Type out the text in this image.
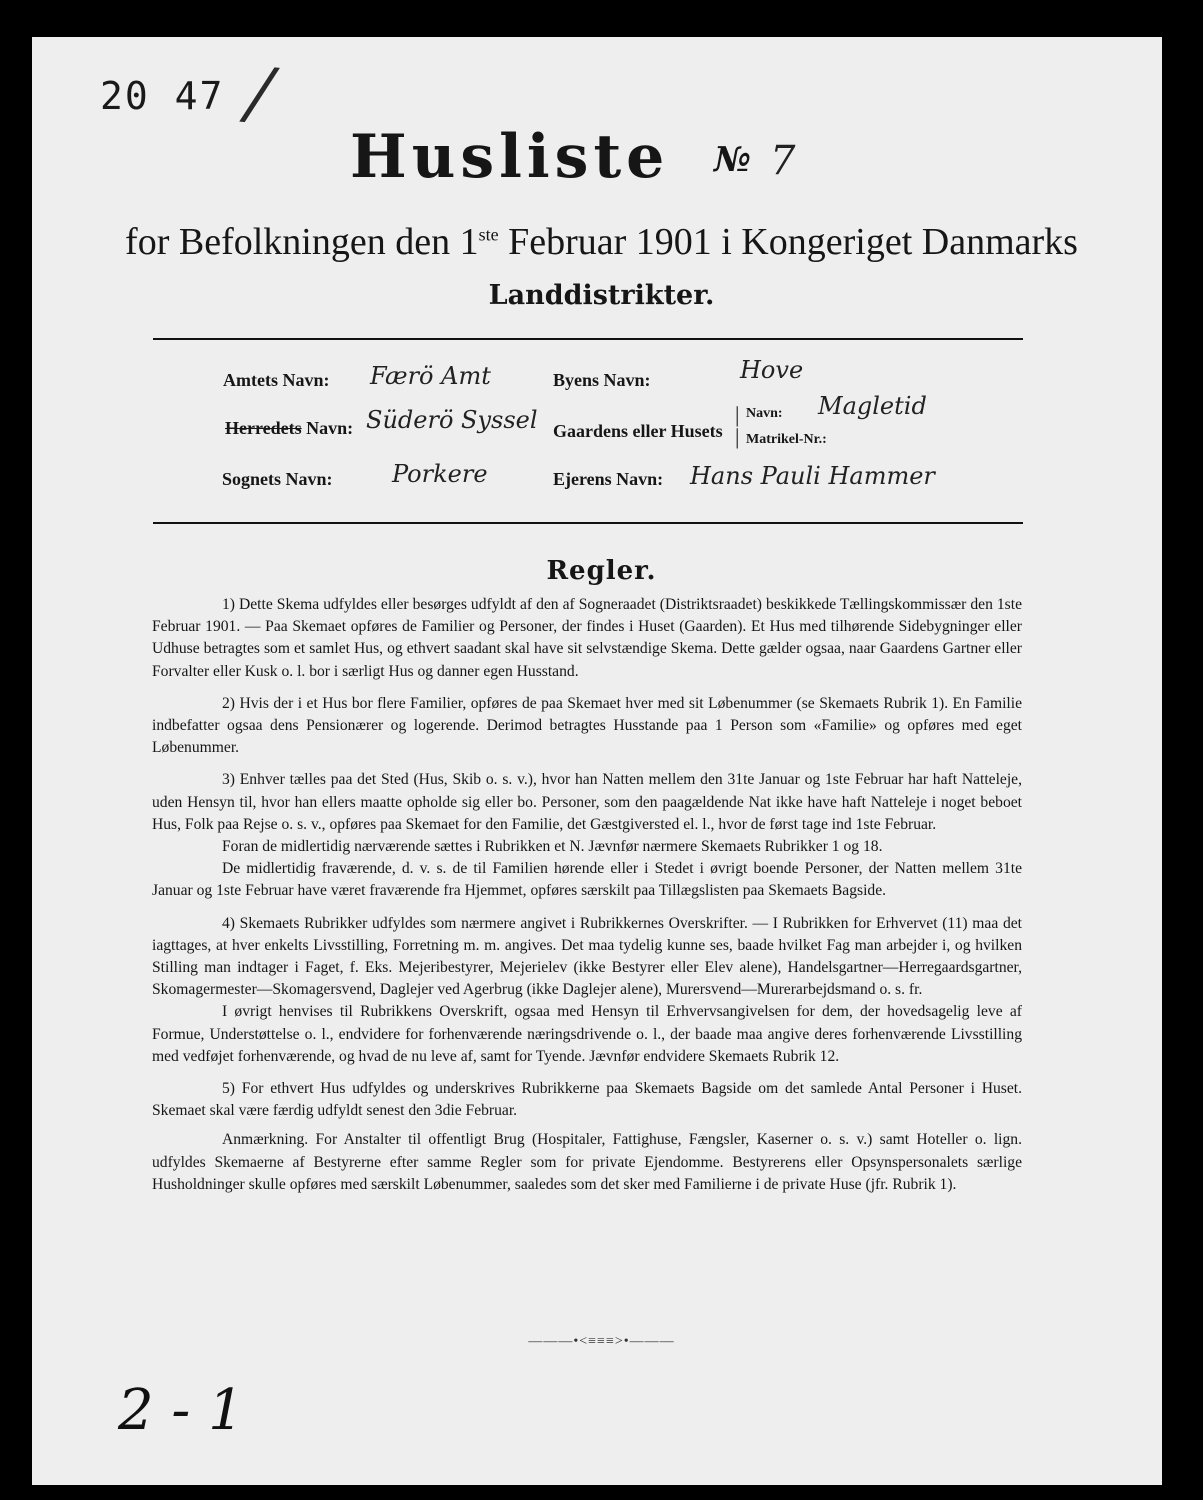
20 47 /
Husliste № 7
for Befolkningen den 1ste Februar 1901 i Kongeriget Danmarks
Landdistrikter.
Amtets Navn: Færö Amt
Herredets Navn: Süderö Syssel
Sognets Navn: Porkere
Byens Navn:	Hove
Gaardens eller Husets
|
|
Navn: Magletid
Matrikel-Nr.:
Ejerens Navn: Hans Pauli Hammer
Regler.

1) Dette Skema udfyldes eller besørges udfyldt af den af Sogneraadet (Distriktsraadet) beskikkede Tællingskommissær den 1ste Februar 1901. — Paa Skemaet opføres de Familier og Personer, der findes i Huset (Gaarden). Et Hus med tilhørende Sidebygninger eller Udhuse betragtes som et samlet Hus, og ethvert saadant skal have sit selvstændige Skema. Dette gælder ogsaa, naar Gaardens Gartner eller Forvalter eller Kusk o. l. bor i særligt Hus og danner egen Husstand.

2) Hvis der i et Hus bor flere Familier, opføres de paa Skemaet hver med sit Løbenummer (se Skemaets Rubrik 1). En Familie indbefatter ogsaa dens Pensionærer og logerende. Derimod betragtes Husstande paa 1 Person som «Familie» og opføres med eget Løbenummer.

3) Enhver tælles paa det Sted (Hus, Skib o. s. v.), hvor han Natten mellem den 31te Januar og 1ste Februar har haft Natteleje, uden Hensyn til, hvor han ellers maatte opholde sig eller bo. Personer, som den paagældende Nat ikke have haft Natteleje i noget beboet Hus, Folk paa Rejse o. s. v., opføres paa Skemaet for den Familie, det Gæstgiversted el. l., hvor de først tage ind 1ste Februar.

Foran de midlertidig nærværende sættes i Rubrikken et N. Jævnfør nærmere Skemaets Rubrikker 1 og 18.

De midlertidig fraværende, d. v. s. de til Familien hørende eller i Stedet i øvrigt boende Personer, der Natten mellem 31te Januar og 1ste Februar have været fraværende fra Hjemmet, opføres særskilt paa Tillægslisten paa Skemaets Bagside.

4) Skemaets Rubrikker udfyldes som nærmere angivet i Rubrikkernes Overskrifter. — I Rubrikken for Erhvervet (11) maa det iagttages, at hver enkelts Livsstilling, Forretning m. m. angives. Det maa tydelig kunne ses, baade hvilket Fag man arbejder i, og hvilken Stilling man indtager i Faget, f. Eks. Mejeribestyrer, Mejerielev (ikke Bestyrer eller Elev alene), Handelsgartner—Herregaardsgartner, Skomagermester—Skomagersvend, Daglejer ved Agerbrug (ikke Daglejer alene), Murersvend—Murerarbejdsmand o. s. fr.

I øvrigt henvises til Rubrikkens Overskrift, ogsaa med Hensyn til Erhvervsangivelsen for dem, der hovedsagelig leve af Formue, Understøttelse o. l., endvidere for forhenværende næringsdrivende o. l., der baade maa angive deres forhenværende Livsstilling med vedføjet forhenværende, og hvad de nu leve af, samt for Tyende. Jævnfør endvidere Skemaets Rubrik 12.

5) For ethvert Hus udfyldes og underskrives Rubrikkerne paa Skemaets Bagside om det samlede Antal Personer i Huset. Skemaet skal være færdig udfyldt senest den 3die Februar.

Anmærkning. For Anstalter til offentligt Brug (Hospitaler, Fattighuse, Fængsler, Kaserner o. s. v.) samt Hoteller o. lign. udfyldes Skemaerne af Bestyrerne efter samme Regler som for private Ejendomme. Bestyrerens eller Opsynspersonalets særlige Husholdninger skulle opføres med særskilt Løbenummer, saaledes som det sker med Familierne i de private Huse (jfr. Rubrik 1).

———•<≡≡≡>•———
2 - 1
